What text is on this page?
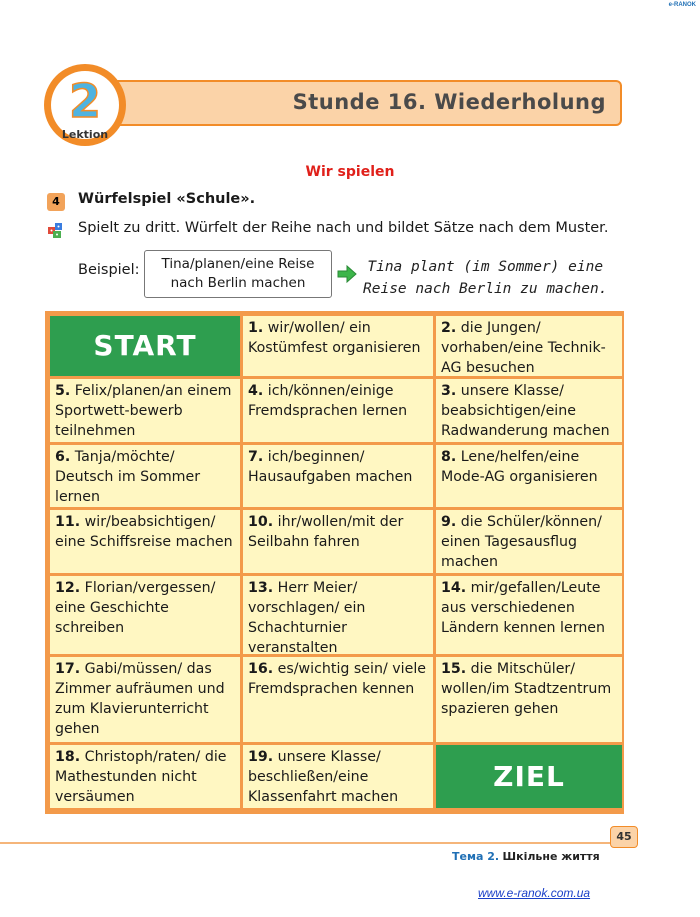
e-RANOK
Stunde 16. Wiederholung
2
Lektion
Wir spielen
4	Würfelspiel «Schule».
Spielt zu dritt. Würfelt der Reihe nach und bildet Sätze nach dem Muster.
Beispiel:	Tina/planen/eine Reise
nach Berlin machen
Tina plant (im Sommer) eine
Reise nach Berlin zu machen.
START
1. wir/wollen/ ein Kostümfest organisieren
2. die Jungen/ vorhaben/eine Technik-AG besuchen
5. Felix/planen/an einem Sportwett-bewerb teilnehmen
4. ich/können/einige Fremdsprachen lernen
3. unsere Klasse/ beabsichtigen/eine Radwanderung machen
6. Tanja/möchte/ Deutsch im Sommer lernen
7. ich/beginnen/ Hausaufgaben machen
8. Lene/helfen/eine Mode-AG organisieren
11. wir/beabsichtigen/ eine Schiffsreise machen
10. ihr/wollen/mit der Seilbahn fahren
9. die Schüler/können/ einen Tagesausflug machen
12. Florian/vergessen/ eine Geschichte schreiben
13. Herr Meier/ vorschlagen/ ein Schachturnier veranstalten
14. mir/gefallen/Leute aus verschiedenen Ländern kennen lernen
17. Gabi/müssen/ das Zimmer aufräumen und zum Klavierunterricht gehen
16. es/wichtig sein/ viele Fremdsprachen kennen
15. die Mitschüler/ wollen/im Stadtzentrum spazieren gehen
18. Christoph/raten/ die Mathestunden nicht versäumen
19. unsere Klasse/ beschließen/eine Klassenfahrt machen
ZIEL
45
Тема 2. Шкільне життя
www.e-ranok.com.ua
